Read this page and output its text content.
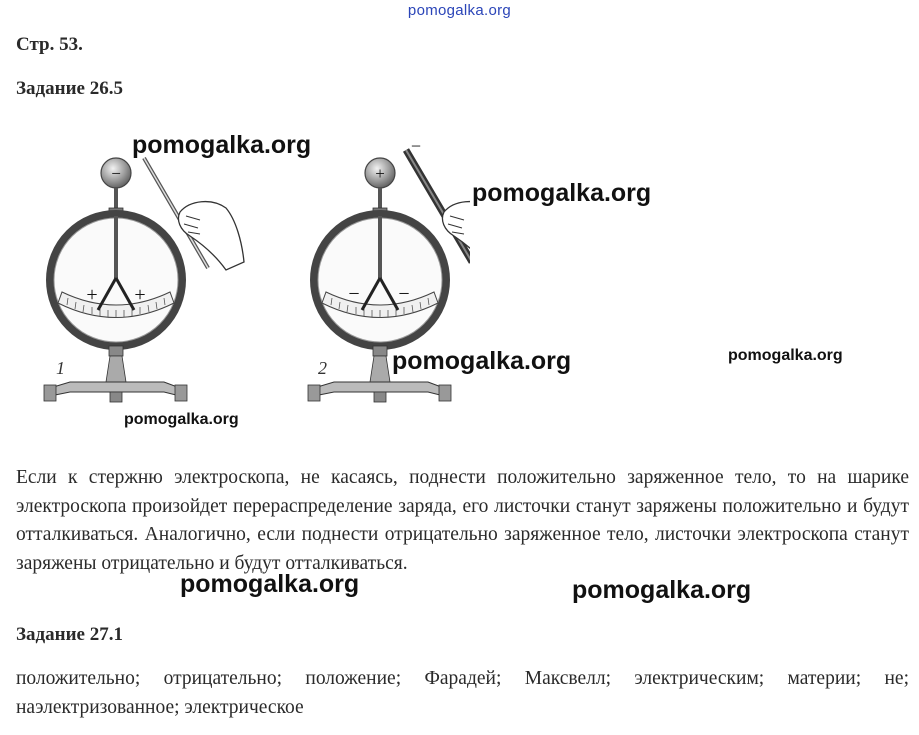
pomogalka.org
Стр. 53.
Задание 26.5
−
+ +
1
+
− −
2
−
pomogalka.org
pomogalka.org
pomogalka.org	pomogalka.org
pomogalka.org
Если к стержню электроскопа, не касаясь, поднести положительно заряженное тело, то на шарике электроскопа произойдет перераспределение заряда, его листочки станут заряжены положительно и будут отталкиваться. Аналогично, если поднести отрицательно заряженное тело, листочки электроскопа станут заряжены отрицательно и будут отталкиваться.
pomogalka.org	pomogalka.org
Задание 27.1
положительно; отрицательно; положение; Фарадей; Максвелл; электрическим; материи; не; наэлектризованное; электрическое
